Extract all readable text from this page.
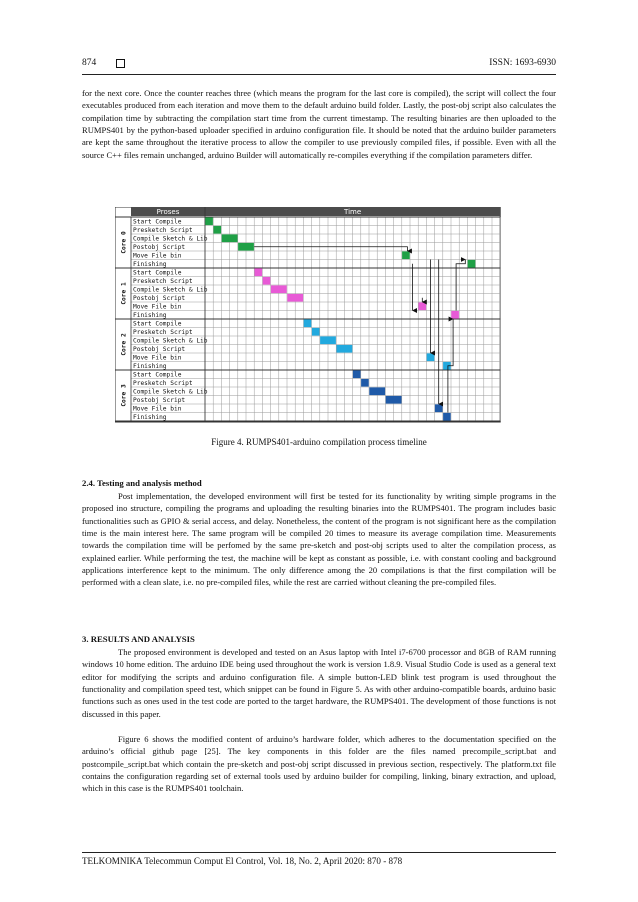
874	ISSN: 1693-6930

for the next core. Once the counter reaches three (which means the program for the last core is compiled), the script will collect the four executables produced from each iteration and move them to the default arduino build folder. Lastly, the post-obj script also calculates the compilation time by subtracting the compilation start time from the current timestamp. The resulting binaries are then uploaded to the RUMPS401 by the python-based uploader specified in arduino configuration file. It should be noted that the arduino builder parameters are kept the same throughout the iterative process to allow the compiler to use previously compiled files, if possible. Even with all the source C++ files remain unchanged, arduino Builder will automatically re-compiles everything if the compilation parameters differ.

Proses	Time
Core 0
Start Compile
Presketch Script
Compile Sketch & Lib
Postobj Script
Move File bin
Finishing
Core 1
Start Compile
Presketch Script
Compile Sketch & Lib
Postobj Script
Move File bin
Finishing
Core 2
Start Compile
Presketch Script
Compile Sketch & Lib
Postobj Script
Move File bin
Finishing
Core 3
Start Compile
Presketch Script
Compile Sketch & Lib
Postobj Script
Move File bin
Finishing
Figure 4. RUMPS401-arduino compilation process timeline

2.4. Testing and analysis method

Post implementation, the developed environment will first be tested for its functionality by writing simple programs in the proposed ino structure, compiling the programs and uploading the resulting binaries into the RUMPS401. The program includes basic functionalities such as GPIO & serial access, and delay. Nonetheless, the content of the program is not significant here as the compilation time is the main interest here. The same program will be compiled 20 times to measure its average compilation time. Measurements towards the compilation time will be perfomed by the same pre-sketch and post-obj scripts used to alter the compilation process, as explained earlier. While performing the test, the machine will be kept as constant as possible, i.e. with constant cooling and background applications interference kept to the minimum. The only difference among the 20 compilations is that the first compilation will be performed with a clean slate, i.e. no pre-compiled files, while the rest are carried without cleaning the pre-compiled files.

3. RESULTS AND ANALYSIS

The proposed environment is developed and tested on an Asus laptop with Intel i7-6700 processor and 8GB of RAM running windows 10 home edition. The arduino IDE being used throughout the work is version 1.8.9. Visual Studio Code is used as a general text editor for modifying the scripts and arduino configuration file. A simple button-LED blink test program is used throughout the functionality and compilation speed test, which snippet can be found in Figure 5. As with other arduino-compatible boards, arduino basic functions such as ones used in the test code are ported to the target hardware, the RUMPS401. The development of those functions is not discussed in this paper.

Figure 6 shows the modified content of arduino’s hardware folder, which adheres to the documentation specified on the arduino’s official github page [25]. The key components in this folder are the files named precompile_script.bat and postcompile_script.bat which contain the pre-sketch and post-obj script discussed in previous section, respectively. The platform.txt file contains the configuration regarding set of external tools used by arduino builder for compiling, linking, binary extraction, and upload, which in this case is the RUMPS401 toolchain.

TELKOMNIKA Telecommun Comput El Control, Vol. 18, No. 2, April 2020: 870 - 878
